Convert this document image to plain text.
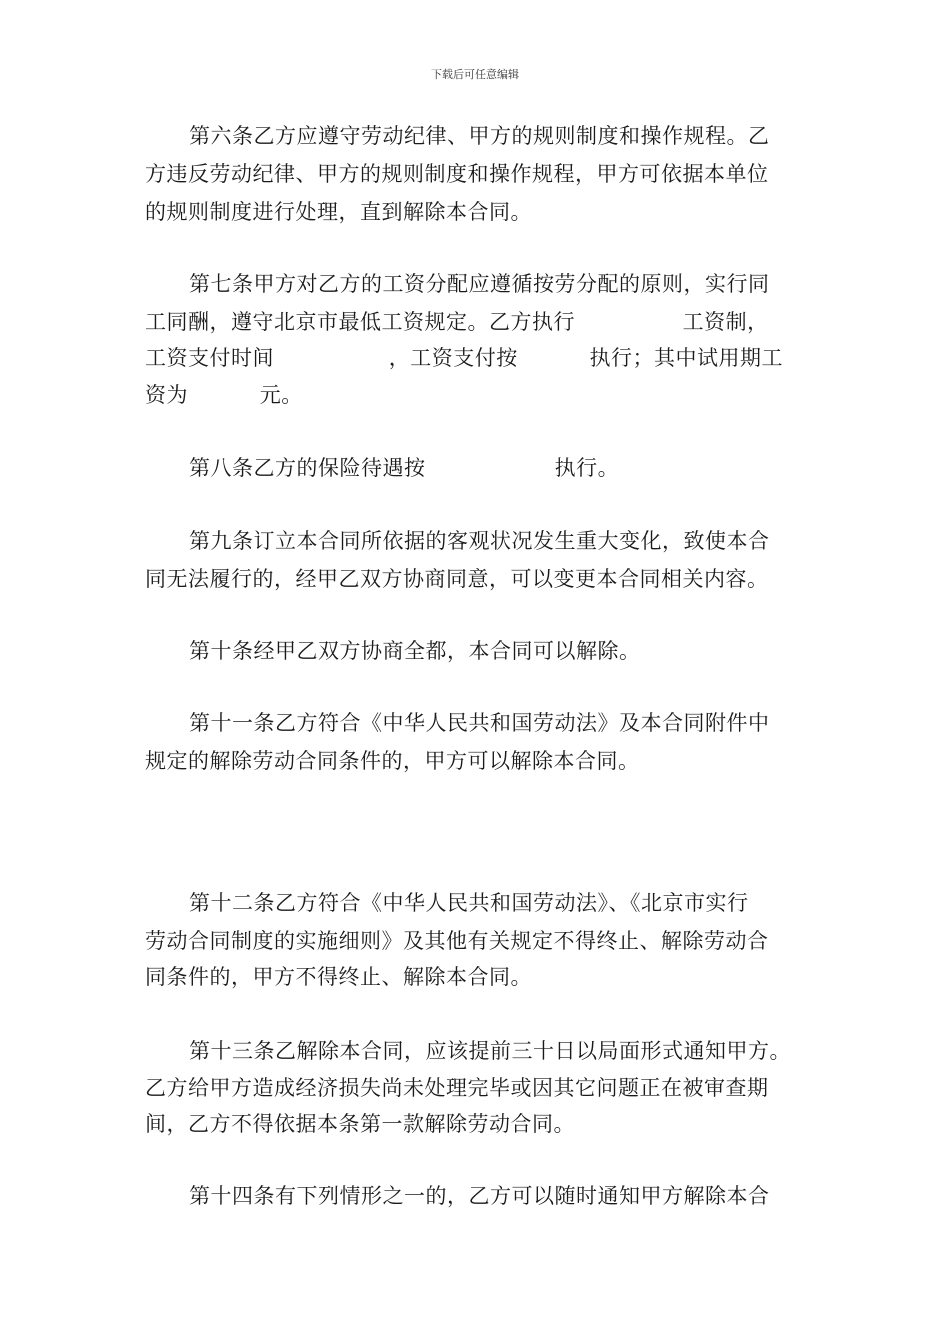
下载后可任意编辑
第六条乙方应遵守劳动纪律、甲方的规则制度和操作规程。乙
方违反劳动纪律、甲方的规则制度和操作规程，甲方可依据本单位
的规则制度进行处理，直到解除本合同。
第七条甲方对乙方的工资分配应遵循按劳分配的原则，实行同
工同酬，遵守北京市最低工资规定。乙方执行               工资制，
工资支付时间                ，工资支付按          执行；其中试用期工
资为          元。
第八条乙方的保险待遇按                  执行。
第九条订立本合同所依据的客观状况发生重大变化，致使本合
同无法履行的，经甲乙双方协商同意，可以变更本合同相关内容。
第十条经甲乙双方协商全都，本合同可以解除。
第十一条乙方符合《中华人民共和国劳动法》及本合同附件中
规定的解除劳动合同条件的，甲方可以解除本合同。
第十二条乙方符合《中华人民共和国劳动法》、《北京市实行
劳动合同制度的实施细则》及其他有关规定不得终止、解除劳动合
同条件的，甲方不得终止、解除本合同。
第十三条乙解除本合同，应该提前三十日以局面形式通知甲方。
乙方给甲方造成经济损失尚未处理完毕或因其它问题正在被审查期
间，乙方不得依据本条第一款解除劳动合同。
第十四条有下列情形之一的，乙方可以随时通知甲方解除本合
